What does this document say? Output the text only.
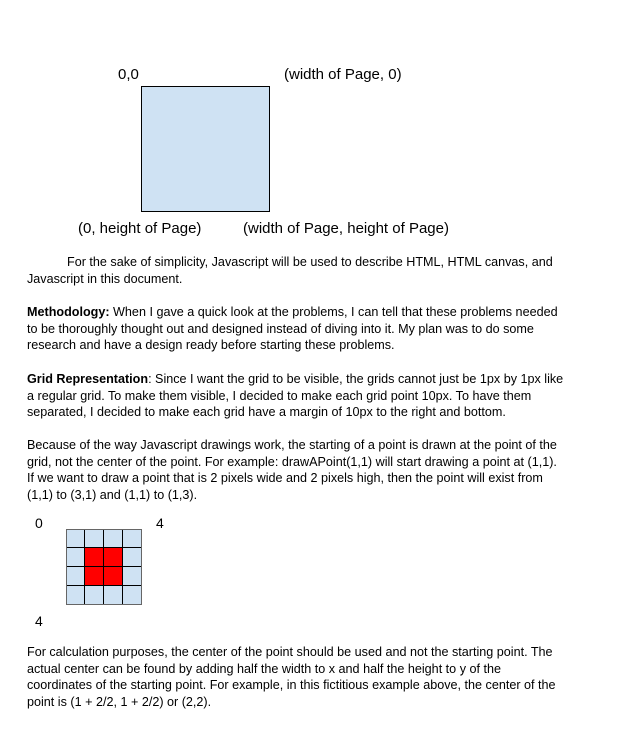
0,0	(width of Page, 0)
(0, height of Page)	(width of Page, height of Page)

For the sake of simplicity, Javascript will be used to describe HTML, HTML canvas, and

Javascript in this document.

Methodology: When I gave a quick look at the problems, I can tell that these problems needed

to be thoroughly thought out and designed instead of diving into it. My plan was to do some

research and have a design ready before starting these problems.

Grid Representation: Since I want the grid to be visible, the grids cannot just be 1px by 1px like

a regular grid. To make them visible, I decided to make each grid point 10px. To have them

separated, I decided to make each grid have a margin of 10px to the right and bottom.

Because of the way Javascript drawings work, the starting of a point is drawn at the point of the

grid, not the center of the point. For example: drawAPoint(1,1) will start drawing a point at (1,1).

If we want to draw a point that is 2 pixels wide and 2 pixels high, then the point will exist from

(1,1) to (3,1) and (1,1) to (1,3).

0	4
4

For calculation purposes, the center of the point should be used and not the starting point. The

actual center can be found by adding half the width to x and half the height to y of the

coordinates of the starting point. For example, in this fictitious example above, the center of the

point is (1 + 2/2, 1 + 2/2) or (2,2).
